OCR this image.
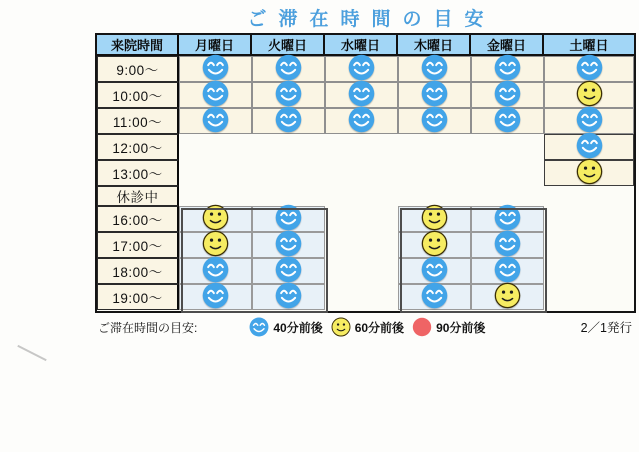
ご滞在時間の目安
来院時間	月曜日	火曜日	水曜日	木曜日	金曜日	土曜日
9:00～
10:00～
11:00～
12:00～
13:00～
休診中
16:00～
17:00～
18:00～
19:00～
ご滞在時間の目安:	40分前後	60分前後	90分前後	2／1発行
